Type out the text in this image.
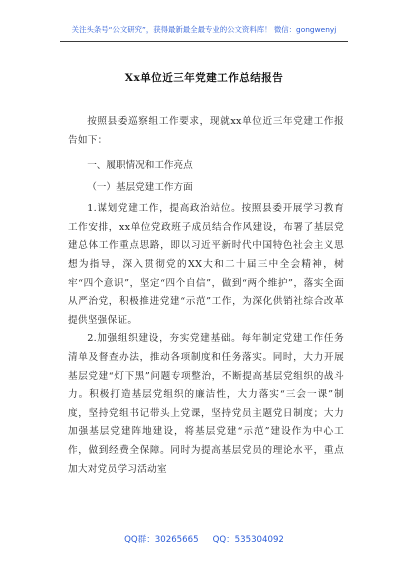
关注头条号“公文研究”，获得最新最全最专业的公文资料库！ 微信：gongwenyj
Xx单位近三年党建工作总结报告

按照县委巡察组工作要求，现就xx单位近三年党建工作报告如下：

一、履职情况和工作亮点

（一）基层党建工作方面

1.谋划党建工作，提高政治站位。按照县委开展学习教育工作安排，xx单位党政班子成员结合作风建设，布署了基层党建总体工作重点思路，即以习近平新时代中国特色社会主义思想为指导，深入贯彻党的XX大和二十届三中全会精神，树牢“四个意识”，坚定“四个自信”，做到“两个维护”，落实全面从严治党，积极推进党建“示范”工作，为深化供销社综合改革提供坚强保证。

2.加强组织建设，夯实党建基础。每年制定党建工作任务清单及督查办法，推动各项制度和任务落实。同时，大力开展基层党建“灯下黑”问题专项整治，不断提高基层党组织的战斗力。积极打造基层党组织的廉洁性，大力落实“三会一课”制度，坚持党组书记带头上党课，坚持党员主题党日制度；大力加强基层党建阵地建设，将基层党建“示范”建设作为中心工作，做到经费全保障。同时为提高基层党员的理论水平，重点加大对党员学习活动室

QQ群：30265665 QQ：535304092
